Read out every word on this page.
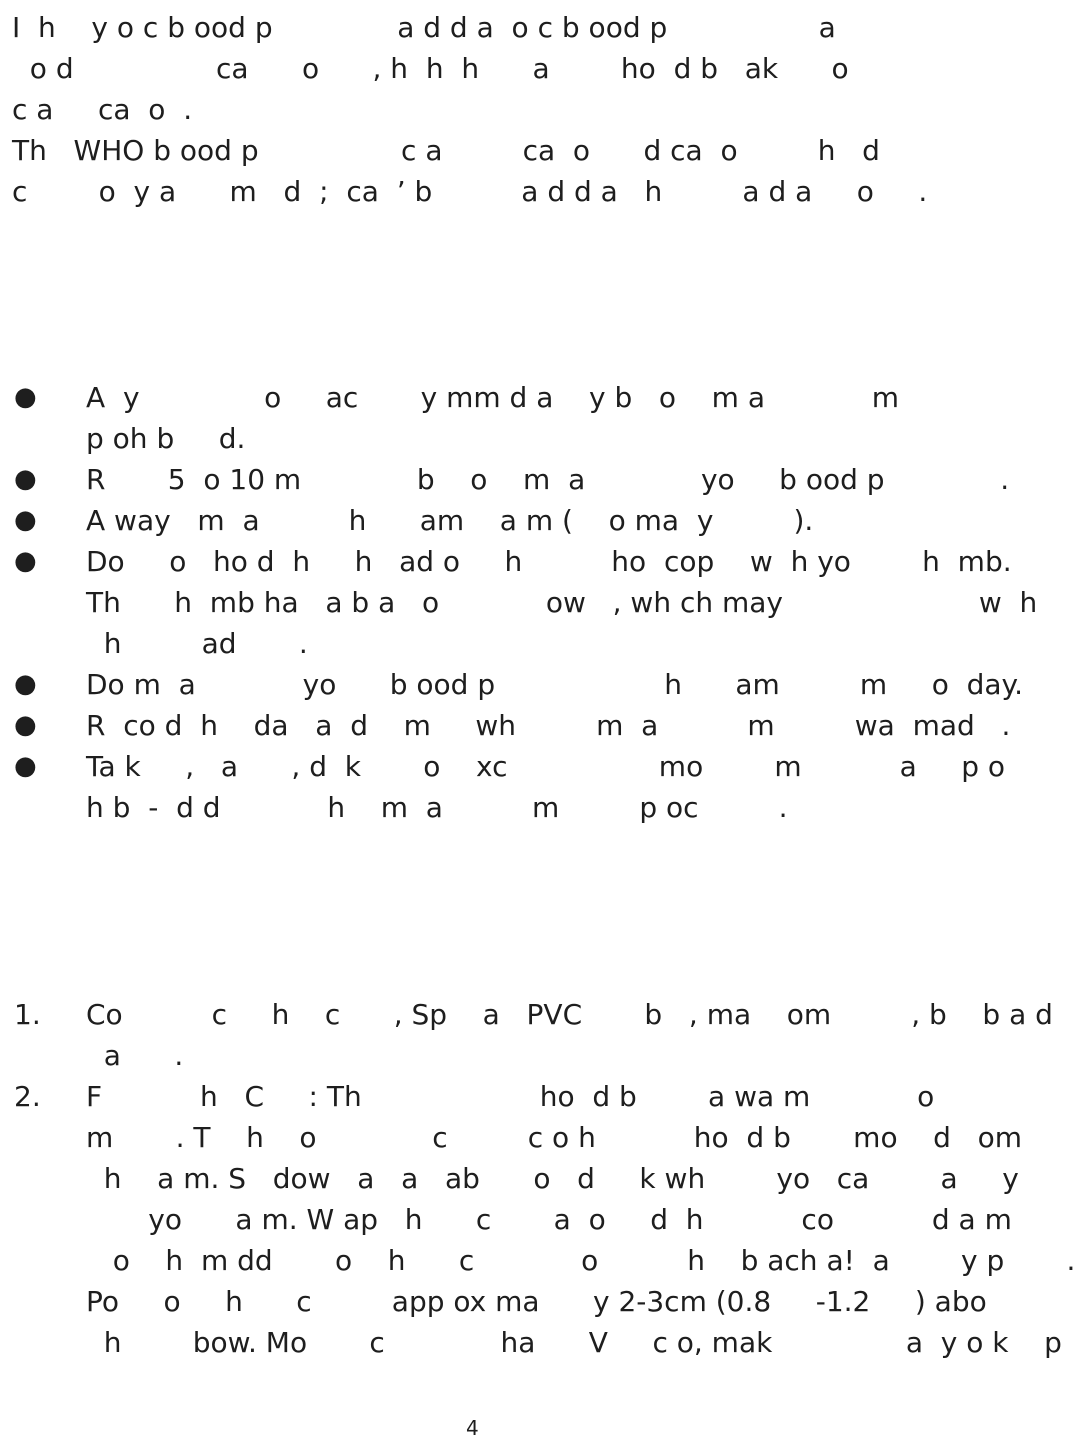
I  h    y o c b ood p              a d d a  o c b ood p                 a
o d                ca      o      , h  h  h      a        ho  d b   ak      o
c a     ca  o  .
Th   WHO b ood p                c a         ca  o      d ca  o         h   d
c        o  y a      m   d  ;  ca  ’ b          a d d a   h         a d a     o     .
● A  y              o     ac       y mm d a    y b   o    m a            m
p oh b     d.
● R       5  o 10 m             b    o    m  a             yo     b ood p             .
● A way   m  a          h      am    a m (    o ma  y         ).
● Do     o   ho d  h     h   ad o     h          ho  cop    w  h yo        h  mb.
Th      h  mb ha   a b a   o            ow   , wh ch may                      w  h
h         ad       .
● Do m  a            yo      b ood p                   h      am         m     o  day.
● R  co d  h    da   a  d    m     wh         m  a          m         wa  mad   .
● Ta k     ,   a      , d  k       o    xc                 mo        m           a     p o
h b  -  d d            h    m  a          m         p oc         .
1. Co          c     h    c      , Sp    a   PVC       b   , ma    om         , b    b a d
a      .
2. F           h   C     : Th                    ho  d b        a wa m            o
m       . T    h    o             c         c o h           ho  d b       mo    d   om
h    a m. S   dow   a   a   ab      o   d     k wh        yo   ca        a     y
yo      a m. W ap   h      c       a  o     d  h           co           d a m
o    h  m dd       o    h      c            o          h    b ach a!  a        y p       .
Po     o     h      c         app ox ma      y 2-3cm (0.8     -1.2     ) abo
h        bow. Mo       c             ha      V     c o, mak               a  y o k    p
4
